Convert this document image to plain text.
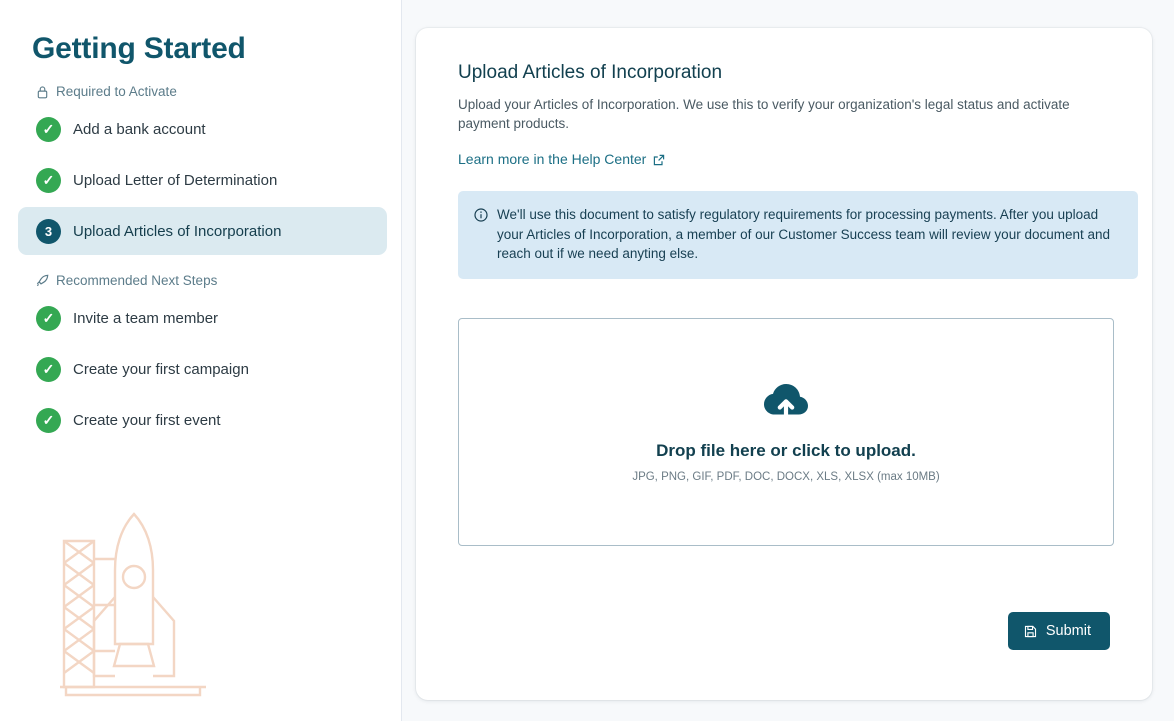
Getting Started
Required to Activate
✓
Add a bank account
✓
Upload Letter of Determination
3	Upload Articles of Incorporation
Recommended Next Steps
✓
Invite a team member
✓
Create your first campaign
✓
Create your first event
Upload Articles of Incorporation

Upload your Articles of Incorporation. We use this to verify your organization's legal status and activate payment products.

Learn more in the Help Center
We'll use this document to satisfy regulatory requirements for processing payments. After you upload your Articles of Incorporation, a member of our Customer Success team will review your document and reach out if we need anyting else.
Drop file here or click to upload.
JPG, PNG, GIF, PDF, DOC, DOCX, XLS, XLSX (max 10MB)
Submit
